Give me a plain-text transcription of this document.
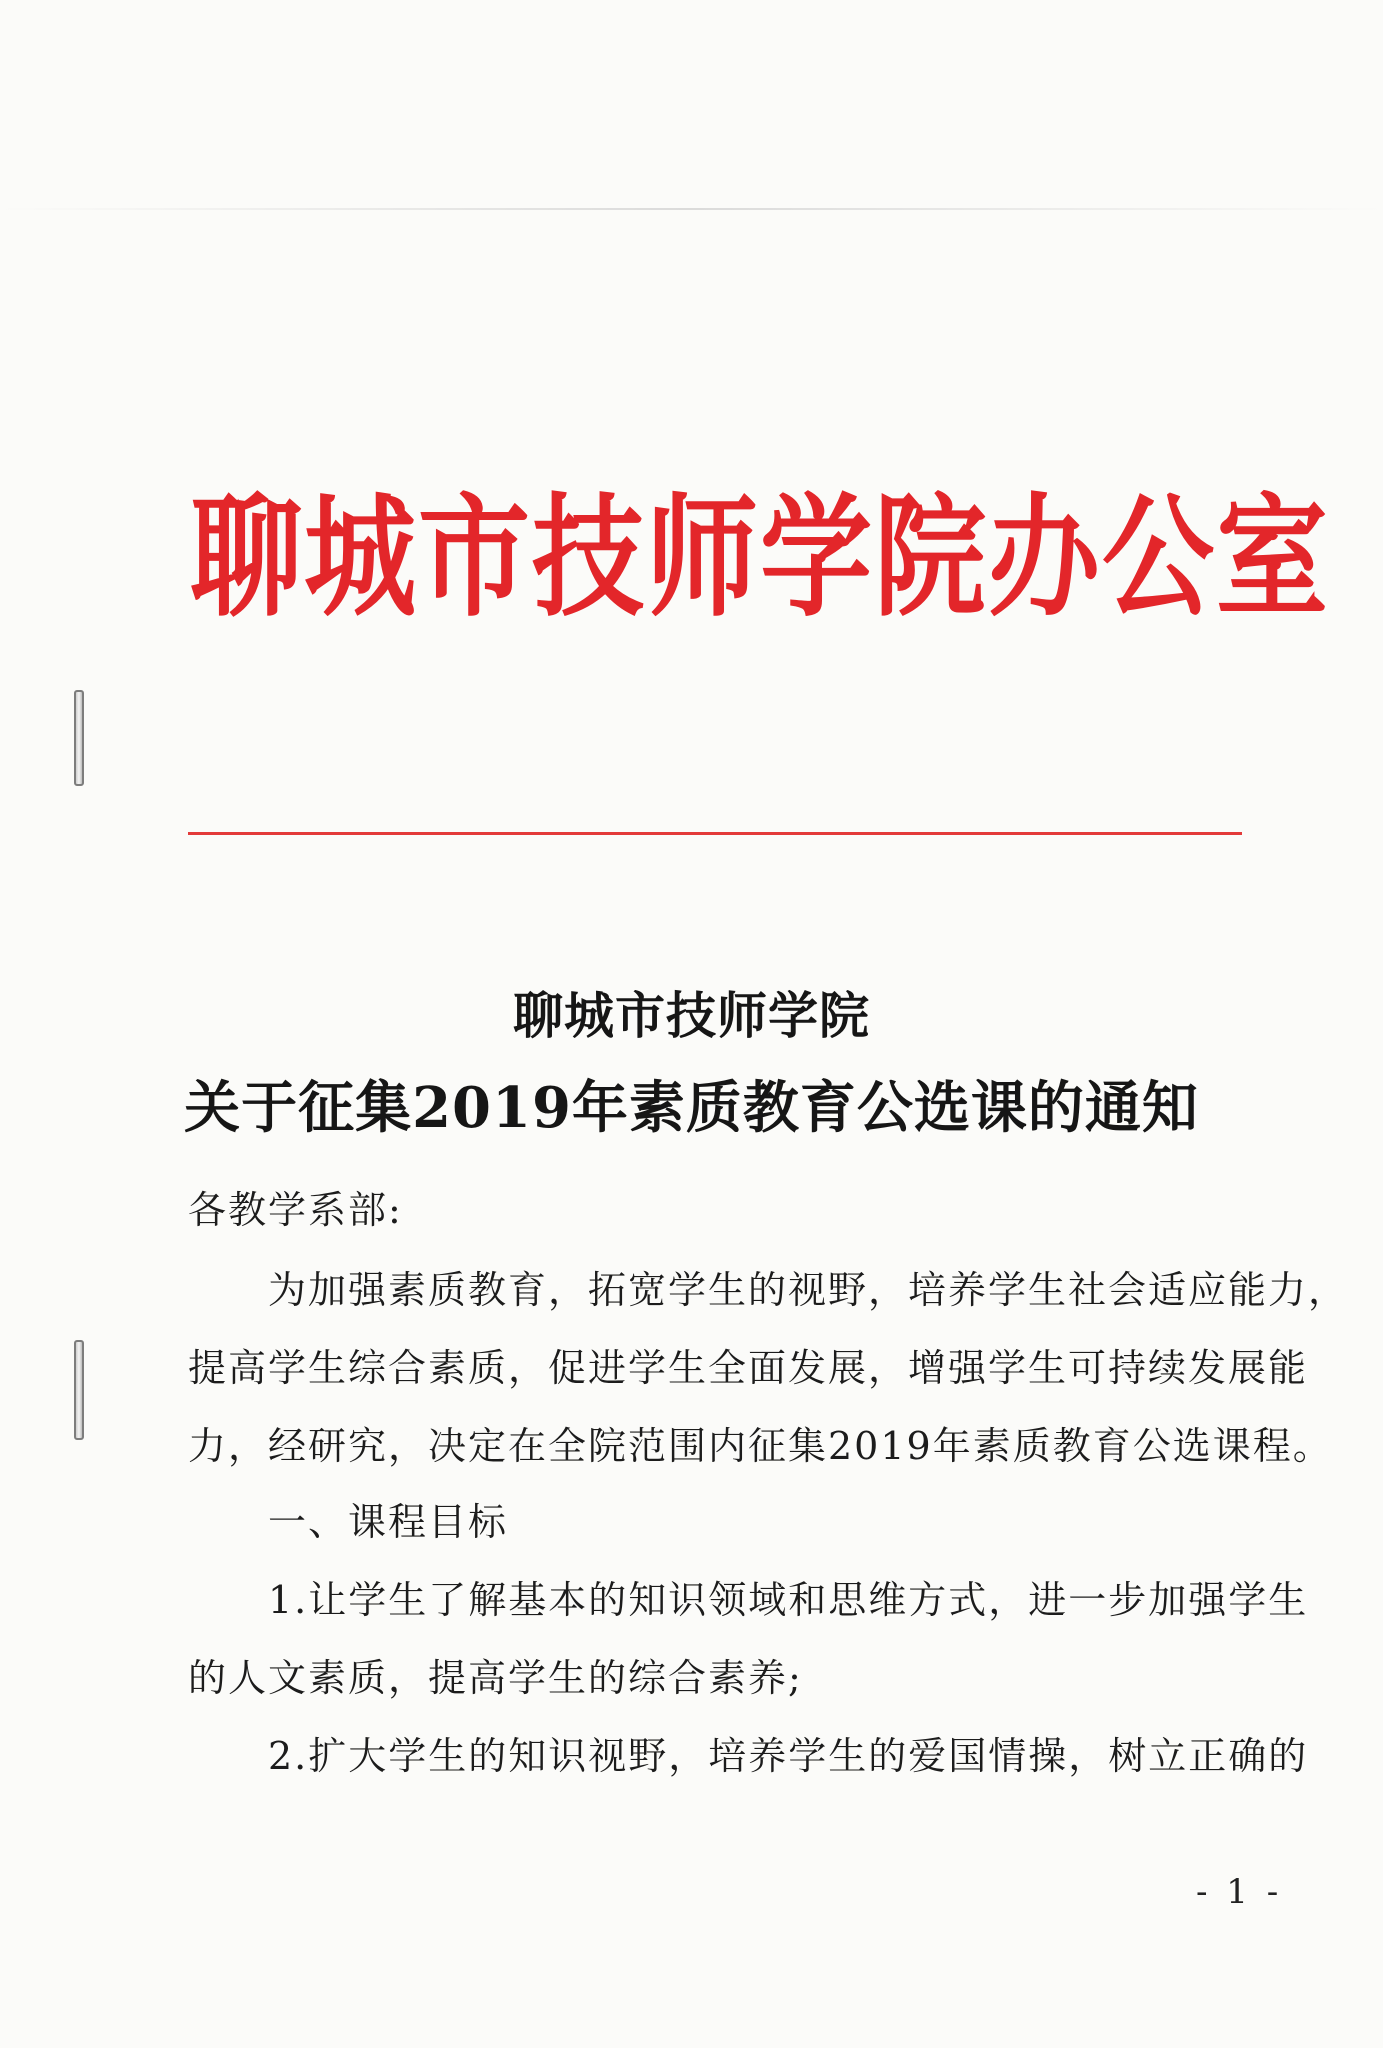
聊城市技师学院办公室
聊城市技师学院
关于征集2019年素质教育公选课的通知
各教学系部:
为加强素质教育，拓宽学生的视野，培养学生社会适应能力，
提高学生综合素质，促进学生全面发展，增强学生可持续发展能
力，经研究，决定在全院范围内征集2019年素质教育公选课程。
一、课程目标
1.让学生了解基本的知识领域和思维方式，进一步加强学生
的人文素质，提高学生的综合素养;
2.扩大学生的知识视野，培养学生的爱国情操，树立正确的
- 1 -
